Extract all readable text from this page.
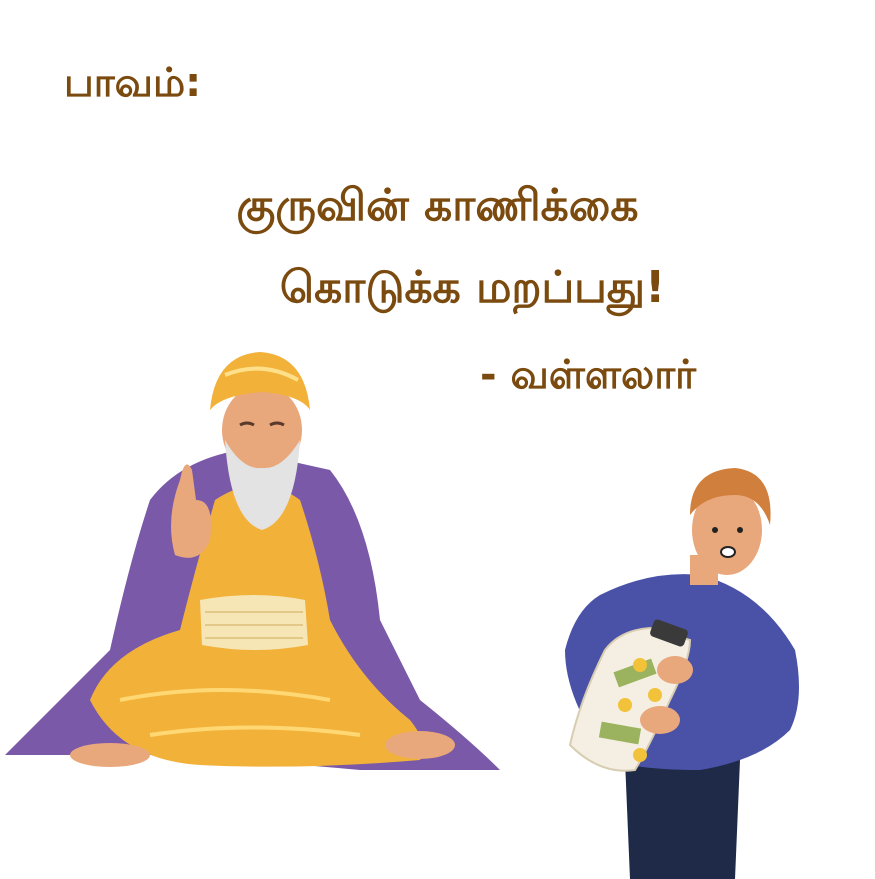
பாவம்:
குருவின் காணிக்கை
கொடுக்க மறப்பது!
- வள்ளலார்
